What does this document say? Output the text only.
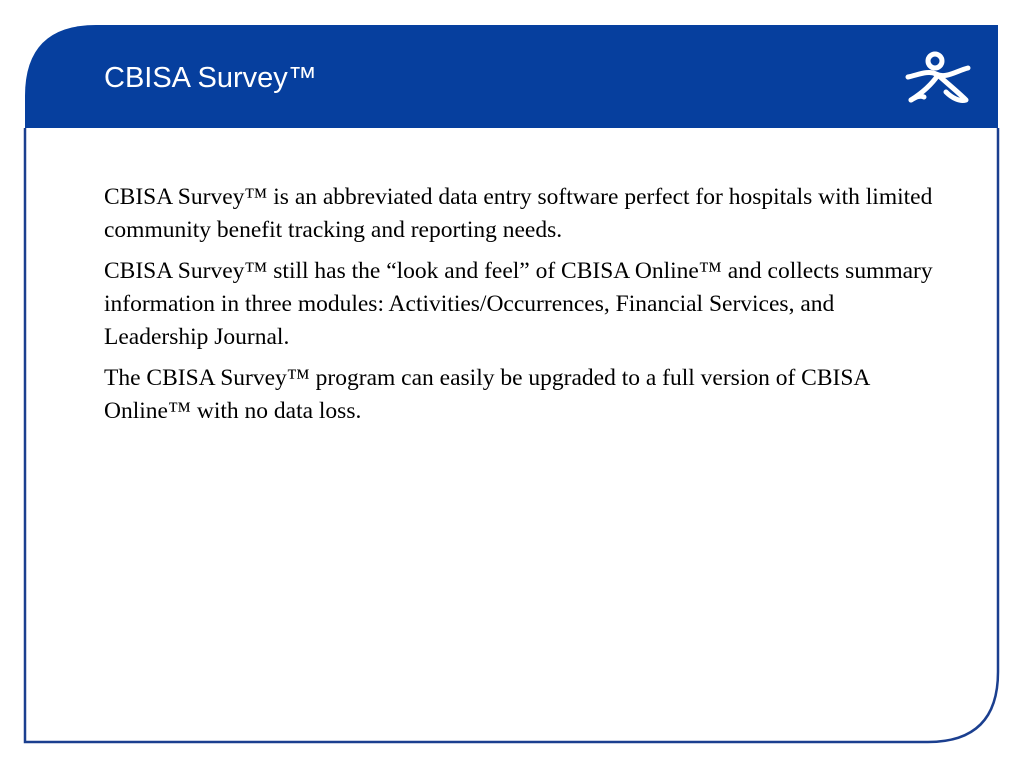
CBISA Survey™

CBISA Survey™ is an abbreviated data entry software perfect for hospitals with limited community benefit tracking and reporting needs.

CBISA Survey™ still has the “look and feel” of CBISA Online™ and collects summary information in three modules: Activities/Occurrences, Financial Services, and Leadership Journal.

The CBISA Survey™ program can easily be upgraded to a full version of CBISA Online™ with no data loss.
